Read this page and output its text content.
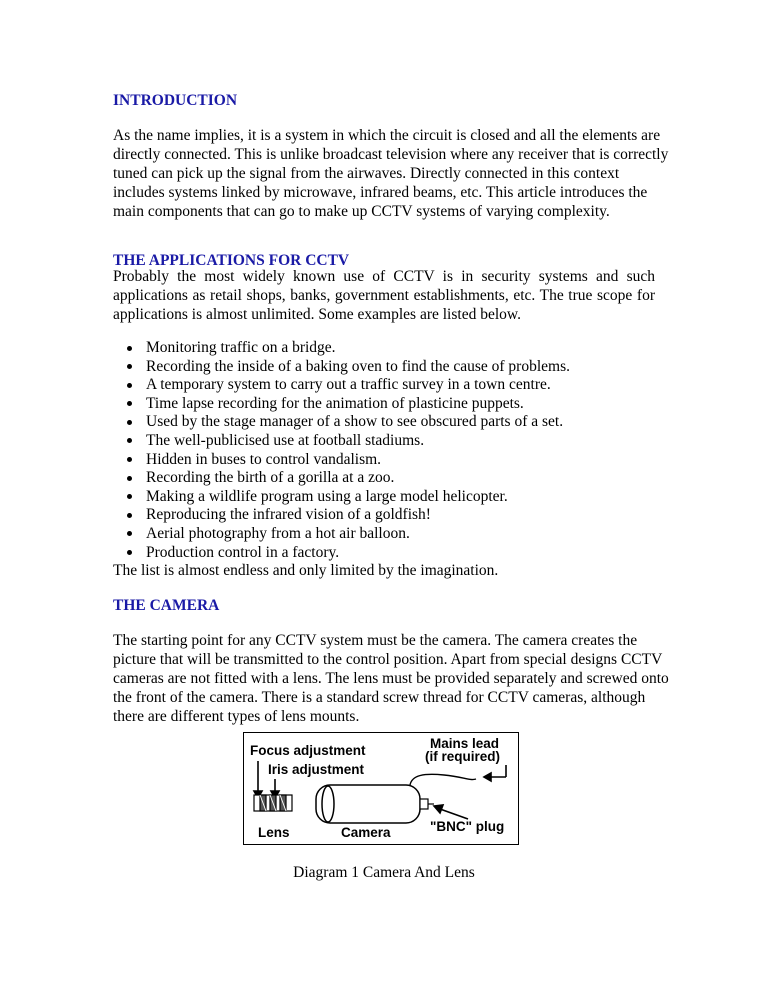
INTRODUCTION

As the name implies, it is a system in which the circuit is closed and all the elements are

directly connected. This is unlike broadcast television where any receiver that is correctly

tuned can pick up the signal from the airwaves. Directly connected in this context

includes systems linked by microwave, infrared beams, etc. This article introduces the

main components that can go to make up CCTV systems of varying complexity.

THE APPLICATIONS FOR CCTV

Probably the most widely known use of CCTV is in security systems and such

applications as retail shops, banks, government establishments, etc. The true scope for

applications is almost unlimited. Some examples are listed below.

Monitoring traffic on a bridge.
Recording the inside of a baking oven to find the cause of problems.
A temporary system to carry out a traffic survey in a town centre.
Time lapse recording for the animation of plasticine puppets.
Used by the stage manager of a show to see obscured parts of a set.
The well-publicised use at football stadiums.
Hidden in buses to control vandalism.
Recording the birth of a gorilla at a zoo.
Making a wildlife program using a large model helicopter.
Reproducing the infrared vision of a goldfish!
Aerial photography from a hot air balloon.
Production control in a factory.

The list is almost endless and only limited by the imagination.

THE CAMERA

The starting point for any CCTV system must be the camera. The camera creates the

picture that will be transmitted to the control position. Apart from special designs CCTV

cameras are not fitted with a lens. The lens must be provided separately and screwed onto

the front of the camera. There is a standard screw thread for CCTV cameras, although

there are different types of lens mounts.

Focus adjustment
Iris adjustment
Mains lead
(if required)
Lens	Camera	"BNC" plug
Diagram 1 Camera And Lens
